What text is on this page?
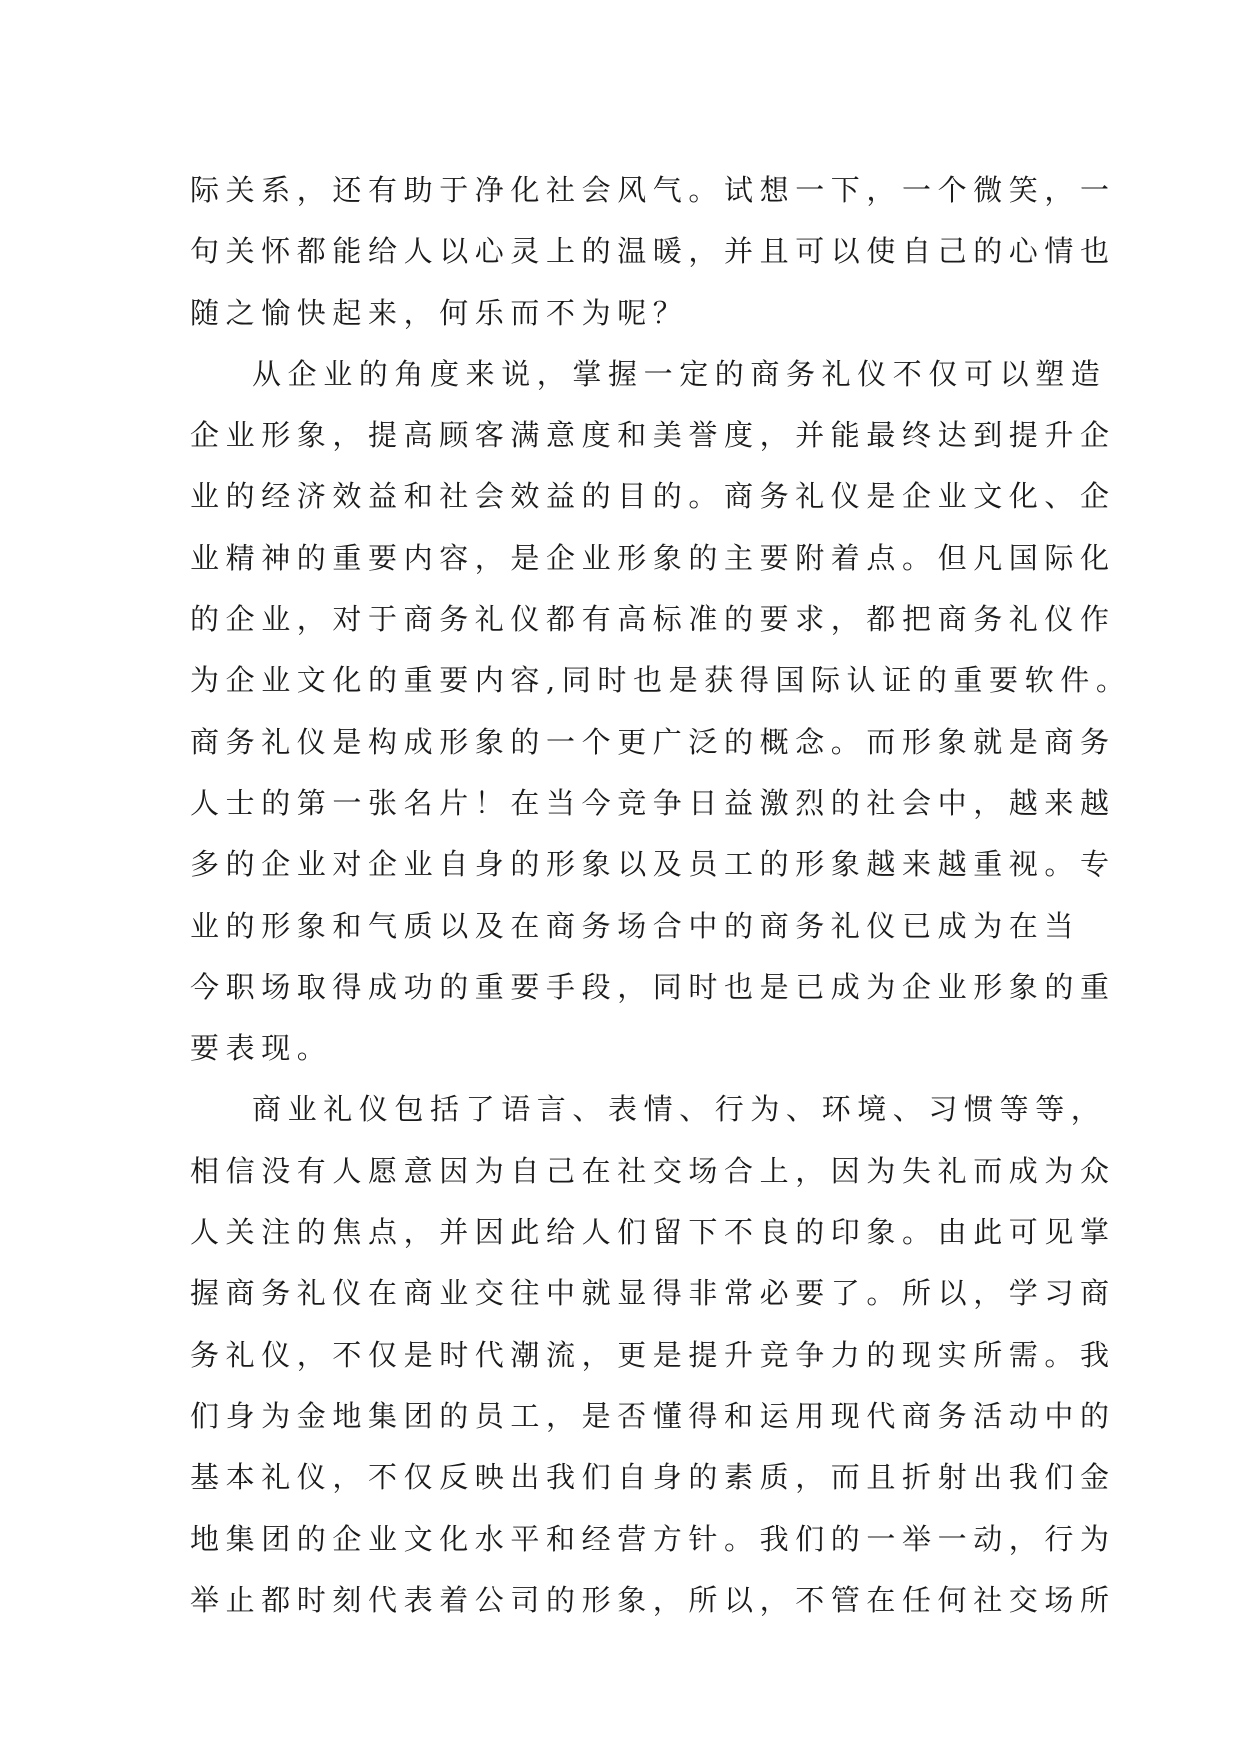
际关系，还有助于净化社会风气。试想一下，一个微笑，一
句关怀都能给人以心灵上的温暖，并且可以使自己的心情也
随之愉快起来，何乐而不为呢？
从企业的角度来说，掌握一定的商务礼仪不仅可以塑造
企业形象，提高顾客满意度和美誉度，并能最终达到提升企
业的经济效益和社会效益的目的。商务礼仪是企业文化、企
业精神的重要内容，是企业形象的主要附着点。但凡国际化
的企业，对于商务礼仪都有高标准的要求，都把商务礼仪作
为企业文化的重要内容,同时也是获得国际认证的重要软件。
商务礼仪是构成形象的一个更广泛的概念。而形象就是商务
人士的第一张名片！在当今竞争日益激烈的社会中，越来越
多的企业对企业自身的形象以及员工的形象越来越重视。专
业的形象和气质以及在商务场合中的商务礼仪已成为在当
今职场取得成功的重要手段，同时也是已成为企业形象的重
要表现。
商业礼仪包括了语言、表情、行为、环境、习惯等等，
相信没有人愿意因为自己在社交场合上，因为失礼而成为众
人关注的焦点，并因此给人们留下不良的印象。由此可见掌
握商务礼仪在商业交往中就显得非常必要了。所以，学习商
务礼仪，不仅是时代潮流，更是提升竞争力的现实所需。我
们身为金地集团的员工，是否懂得和运用现代商务活动中的
基本礼仪，不仅反映出我们自身的素质，而且折射出我们金
地集团的企业文化水平和经营方针。我们的一举一动，行为
举止都时刻代表着公司的形象，所以，不管在任何社交场所
